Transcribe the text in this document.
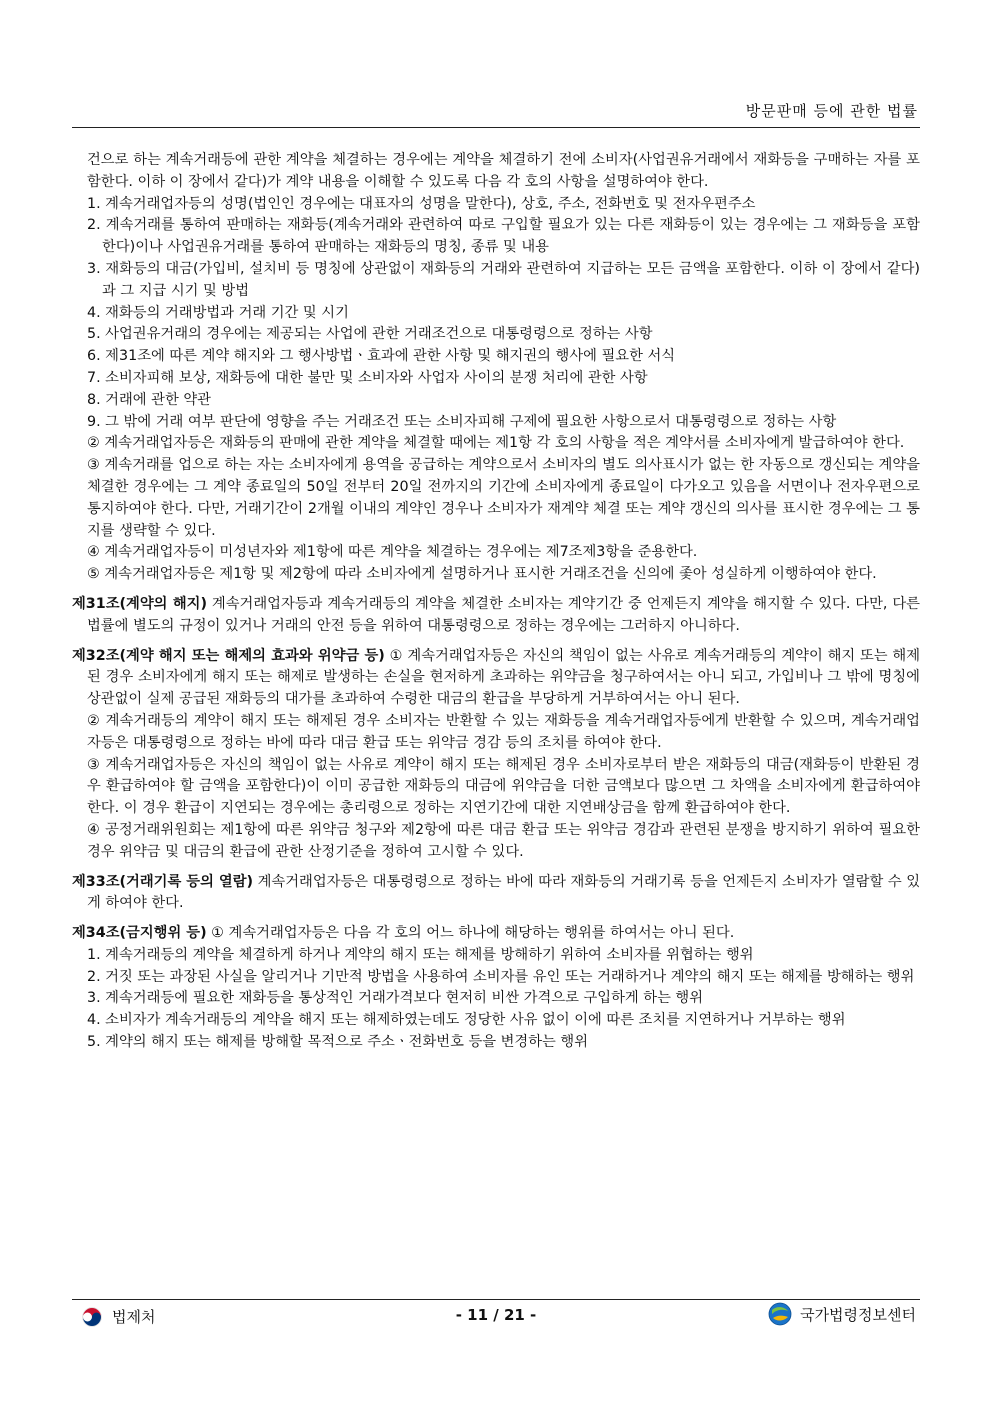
방문판매 등에 관한 법률

건으로 하는 계속거래등에 관한 계약을 체결하는 경우에는 계약을 체결하기 전에 소비자(사업권유거래에서 재화등을 구매하는 자를 포함한다. 이하 이 장에서 같다)가 계약 내용을 이해할 수 있도록 다음 각 호의 사항을 설명하여야 한다.

1. 계속거래업자등의 성명(법인인 경우에는 대표자의 성명을 말한다), 상호, 주소, 전화번호 및 전자우편주소

2. 계속거래를 통하여 판매하는 재화등(계속거래와 관련하여 따로 구입할 필요가 있는 다른 재화등이 있는 경우에는 그 재화등을 포함한다)이나 사업권유거래를 통하여 판매하는 재화등의 명칭, 종류 및 내용

3. 재화등의 대금(가입비, 설치비 등 명칭에 상관없이 재화등의 거래와 관련하여 지급하는 모든 금액을 포함한다. 이하 이 장에서 같다)과 그 지급 시기 및 방법

4. 재화등의 거래방법과 거래 기간 및 시기

5. 사업권유거래의 경우에는 제공되는 사업에 관한 거래조건으로 대통령령으로 정하는 사항

6. 제31조에 따른 계약 해지와 그 행사방법ㆍ효과에 관한 사항 및 해지권의 행사에 필요한 서식

7. 소비자피해 보상, 재화등에 대한 불만 및 소비자와 사업자 사이의 분쟁 처리에 관한 사항

8. 거래에 관한 약관

9. 그 밖에 거래 여부 판단에 영향을 주는 거래조건 또는 소비자피해 구제에 필요한 사항으로서 대통령령으로 정하는 사항

② 계속거래업자등은 재화등의 판매에 관한 계약을 체결할 때에는 제1항 각 호의 사항을 적은 계약서를 소비자에게 발급하여야 한다.

③ 계속거래를 업으로 하는 자는 소비자에게 용역을 공급하는 계약으로서 소비자의 별도 의사표시가 없는 한 자동으로 갱신되는 계약을 체결한 경우에는 그 계약 종료일의 50일 전부터 20일 전까지의 기간에 소비자에게 종료일이 다가오고 있음을 서면이나 전자우편으로 통지하여야 한다. 다만, 거래기간이 2개월 이내의 계약인 경우나 소비자가 재계약 체결 또는 계약 갱신의 의사를 표시한 경우에는 그 통지를 생략할 수 있다.

④ 계속거래업자등이 미성년자와 제1항에 따른 계약을 체결하는 경우에는 제7조제3항을 준용한다.

⑤ 계속거래업자등은 제1항 및 제2항에 따라 소비자에게 설명하거나 표시한 거래조건을 신의에 좇아 성실하게 이행하여야 한다.

제31조(계약의 해지) 계속거래업자등과 계속거래등의 계약을 체결한 소비자는 계약기간 중 언제든지 계약을 해지할 수 있다. 다만, 다른 법률에 별도의 규정이 있거나 거래의 안전 등을 위하여 대통령령으로 정하는 경우에는 그러하지 아니하다.

제32조(계약 해지 또는 해제의 효과와 위약금 등) ① 계속거래업자등은 자신의 책임이 없는 사유로 계속거래등의 계약이 해지 또는 해제된 경우 소비자에게 해지 또는 해제로 발생하는 손실을 현저하게 초과하는 위약금을 청구하여서는 아니 되고, 가입비나 그 밖에 명칭에 상관없이 실제 공급된 재화등의 대가를 초과하여 수령한 대금의 환급을 부당하게 거부하여서는 아니 된다.

② 계속거래등의 계약이 해지 또는 해제된 경우 소비자는 반환할 수 있는 재화등을 계속거래업자등에게 반환할 수 있으며, 계속거래업자등은 대통령령으로 정하는 바에 따라 대금 환급 또는 위약금 경감 등의 조치를 하여야 한다.

③ 계속거래업자등은 자신의 책임이 없는 사유로 계약이 해지 또는 해제된 경우 소비자로부터 받은 재화등의 대금(재화등이 반환된 경우 환급하여야 할 금액을 포함한다)이 이미 공급한 재화등의 대금에 위약금을 더한 금액보다 많으면 그 차액을 소비자에게 환급하여야 한다. 이 경우 환급이 지연되는 경우에는 총리령으로 정하는 지연기간에 대한 지연배상금을 함께 환급하여야 한다.

④ 공정거래위원회는 제1항에 따른 위약금 청구와 제2항에 따른 대금 환급 또는 위약금 경감과 관련된 분쟁을 방지하기 위하여 필요한 경우 위약금 및 대금의 환급에 관한 산정기준을 정하여 고시할 수 있다.

제33조(거래기록 등의 열람) 계속거래업자등은 대통령령으로 정하는 바에 따라 재화등의 거래기록 등을 언제든지 소비자가 열람할 수 있게 하여야 한다.

제34조(금지행위 등) ① 계속거래업자등은 다음 각 호의 어느 하나에 해당하는 행위를 하여서는 아니 된다.

1. 계속거래등의 계약을 체결하게 하거나 계약의 해지 또는 해제를 방해하기 위하여 소비자를 위협하는 행위

2. 거짓 또는 과장된 사실을 알리거나 기만적 방법을 사용하여 소비자를 유인 또는 거래하거나 계약의 해지 또는 해제를 방해하는 행위

3. 계속거래등에 필요한 재화등을 통상적인 거래가격보다 현저히 비싼 가격으로 구입하게 하는 행위

4. 소비자가 계속거래등의 계약을 해지 또는 해제하였는데도 정당한 사유 없이 이에 따른 조치를 지연하거나 거부하는 행위

5. 계약의 해지 또는 해제를 방해할 목적으로 주소ㆍ전화번호 등을 변경하는 행위

법제처	- 11 / 21 -	국가법령정보센터
